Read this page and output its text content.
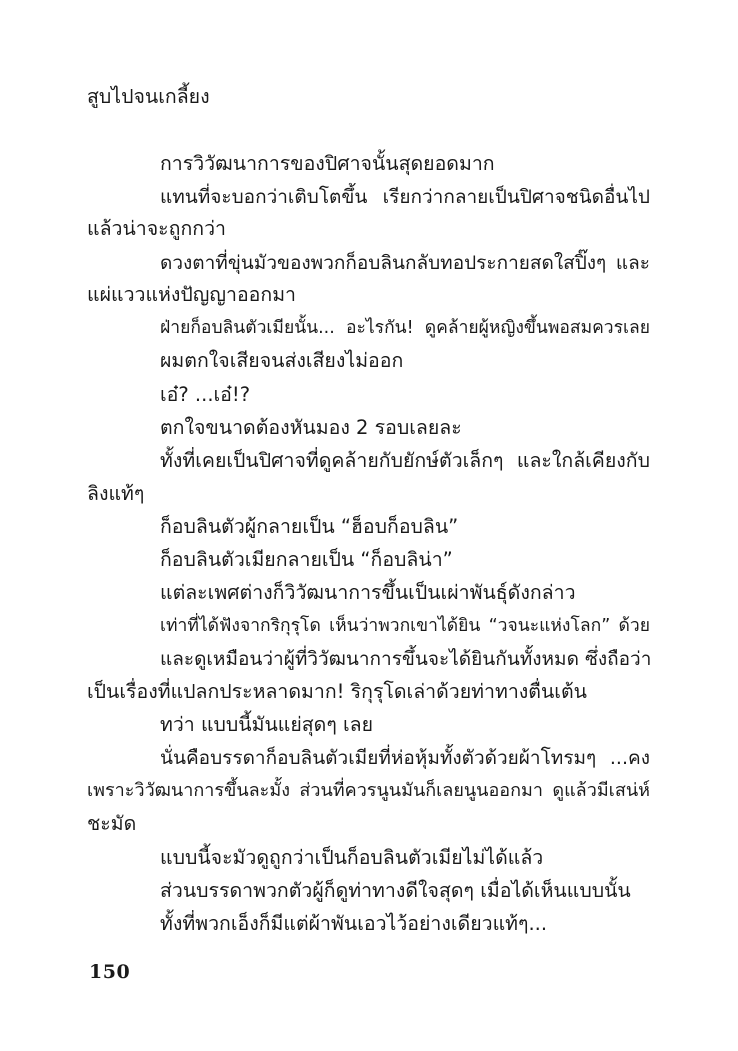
สูบไปจนเกลี้ยง

การวิวัฒนาการของปิศาจนั้นสุดยอดมาก

แทนที่จะบอกว่าเติบโตขึ้น เรียกว่ากลายเป็นปิศาจชนิดอื่นไป

แล้วน่าจะถูกกว่า

ดวงตาที่ขุ่นมัวของพวกก็อบลินกลับทอประกายสดใสปิ๊งๆ และ

แผ่แววแห่งปัญญาออกมา

ฝ่ายก็อบลินตัวเมียนั้น... อะไรกัน! ดูคล้ายผู้หญิงขึ้นพอสมควรเลย

ผมตกใจเสียจนส่งเสียงไม่ออก

เอ๋? ...เอ๋!?

ตกใจขนาดต้องหันมอง 2 รอบเลยละ

ทั้งที่เคยเป็นปิศาจที่ดูคล้ายกับยักษ์ตัวเล็กๆ และใกล้เคียงกับ

ลิงแท้ๆ

ก็อบลินตัวผู้กลายเป็น “ฮ็อบก็อบลิน”

ก็อบลินตัวเมียกลายเป็น “ก็อบลิน่า”

แต่ละเพศต่างก็วิวัฒนาการขึ้นเป็นเผ่าพันธุ์ดังกล่าว

เท่าที่ได้ฟังจากริกุรุโด เห็นว่าพวกเขาได้ยิน “วจนะแห่งโลก” ด้วย

และดูเหมือนว่าผู้ที่วิวัฒนาการขึ้นจะได้ยินกันทั้งหมด ซึ่งถือว่า

เป็นเรื่องที่แปลกประหลาดมาก! ริกุรุโดเล่าด้วยท่าทางตื่นเต้น

ทว่า แบบนี้มันแย่สุดๆ เลย

นั่นคือบรรดาก็อบลินตัวเมียที่ห่อหุ้มทั้งตัวด้วยผ้าโทรมๆ ...คง

เพราะวิวัฒนาการขึ้นละมั้ง ส่วนที่ควรนูนมันก็เลยนูนออกมา ดูแล้วมีเสน่ห์

ชะมัด

แบบนี้จะมัวดูถูกว่าเป็นก็อบลินตัวเมียไม่ได้แล้ว

ส่วนบรรดาพวกตัวผู้ก็ดูท่าทางดีใจสุดๆ เมื่อได้เห็นแบบนั้น

ทั้งที่พวกเอ็งก็มีแต่ผ้าพันเอวไว้อย่างเดียวแท้ๆ...

150
